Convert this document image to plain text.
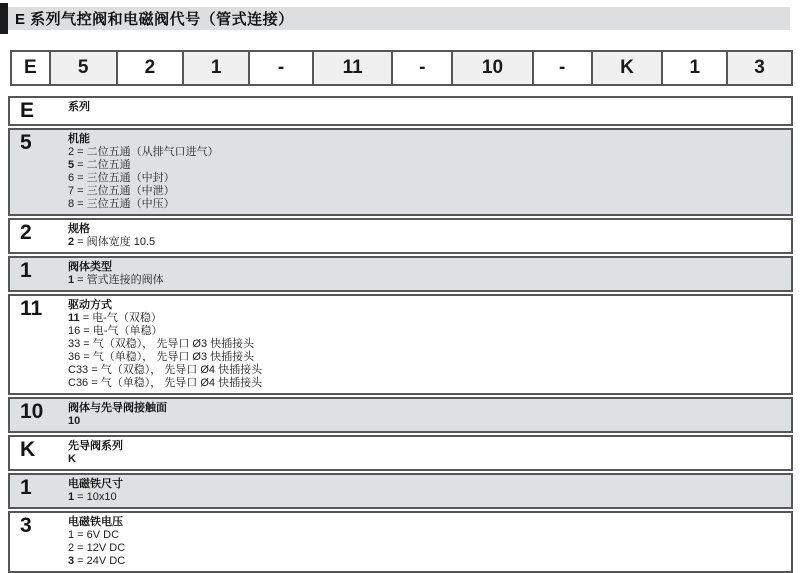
E 系列气控阀和电磁阀代号（管式连接）
E	5	2	1	-	11	-	10	-	K	1	3
E	系列
5	机能
2 = 二位五通（从排气口进气）
5 = 二位五通
6 = 三位五通（中封）
7 = 三位五通（中泄）
8 = 三位五通（中压）
2	规格
2 = 阀体宽度 10.5
1	阀体类型
1 = 管式连接的阀体
11	驱动方式
11 = 电-气（双稳）
16 = 电-气（单稳）
33 = 气（双稳）， 先导口 Ø3 快插接头
36 = 气（单稳）， 先导口 Ø3 快插接头
C33 = 气（双稳）， 先导口 Ø4 快插接头
C36 = 气（单稳）， 先导口 Ø4 快插接头
10	阀体与先导阀接触面
10
K	先导阀系列
K
1	电磁铁尺寸
1 = 10x10
3	电磁铁电压
1 = 6V DC
2 = 12V DC
3 = 24V DC
